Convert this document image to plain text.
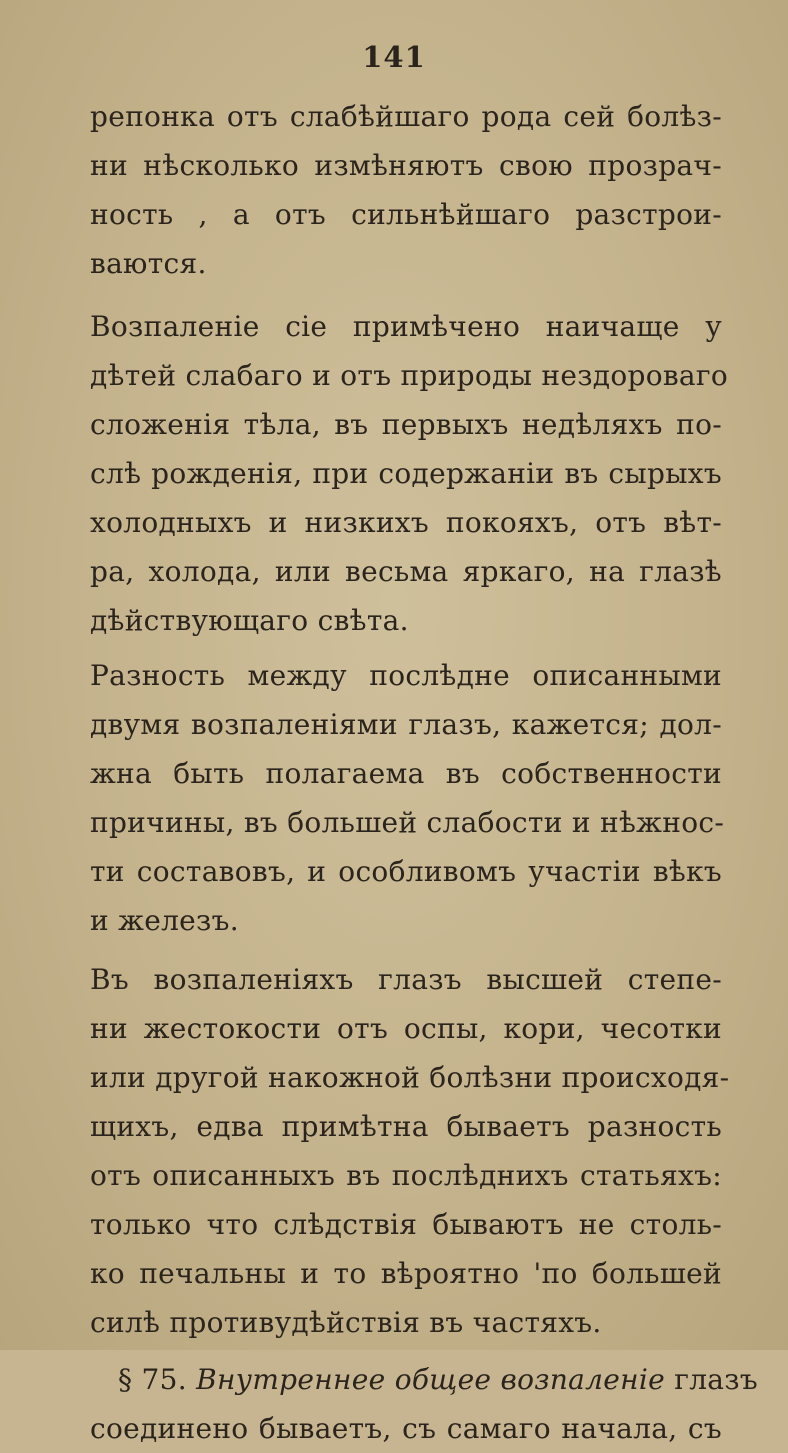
141
репонка отъ слабѣйшаго рода сей болѣз-
ни нѣсколько измѣняютъ свою прозрач-
ность , а отъ сильнѣйшаго разстрои-
ваются.
Возпаленіе сіе примѣчено наичаще у
дѣтей слабаго и отъ природы нездороваго
сложенія тѣла, въ первыхъ недѣляхъ по-
слѣ рожденія, при содержаніи въ сырыхъ
холодныхъ и низкихъ покояхъ, отъ вѣт-
ра, холода, или весьма яркаго, на глазѣ
дѣйствующаго свѣта.
Разность между послѣдне описанными
двумя возпаленіями глазъ, кажется; дол-
жна быть полагаема въ собственности
причины, въ большей слабости и нѣжнос-
ти составовъ, и особливомъ участіи вѣкъ
и железъ.
Въ возпаленіяхъ глазъ высшей степе-
ни жестокости отъ оспы, кори, чесотки
или другой накожной болѣзни происходя-
щихъ, едва примѣтна бываетъ разность
отъ описанныхъ въ послѣднихъ статьяхъ:
только что слѣдствія бываютъ не столь-
ко печальны и то вѣроятно 'по большей
силѣ противудѣйствія въ частяхъ.
§ 75. Внутреннее общее возпаленіе глазъ
соединено бываетъ, съ самаго начала, съ
